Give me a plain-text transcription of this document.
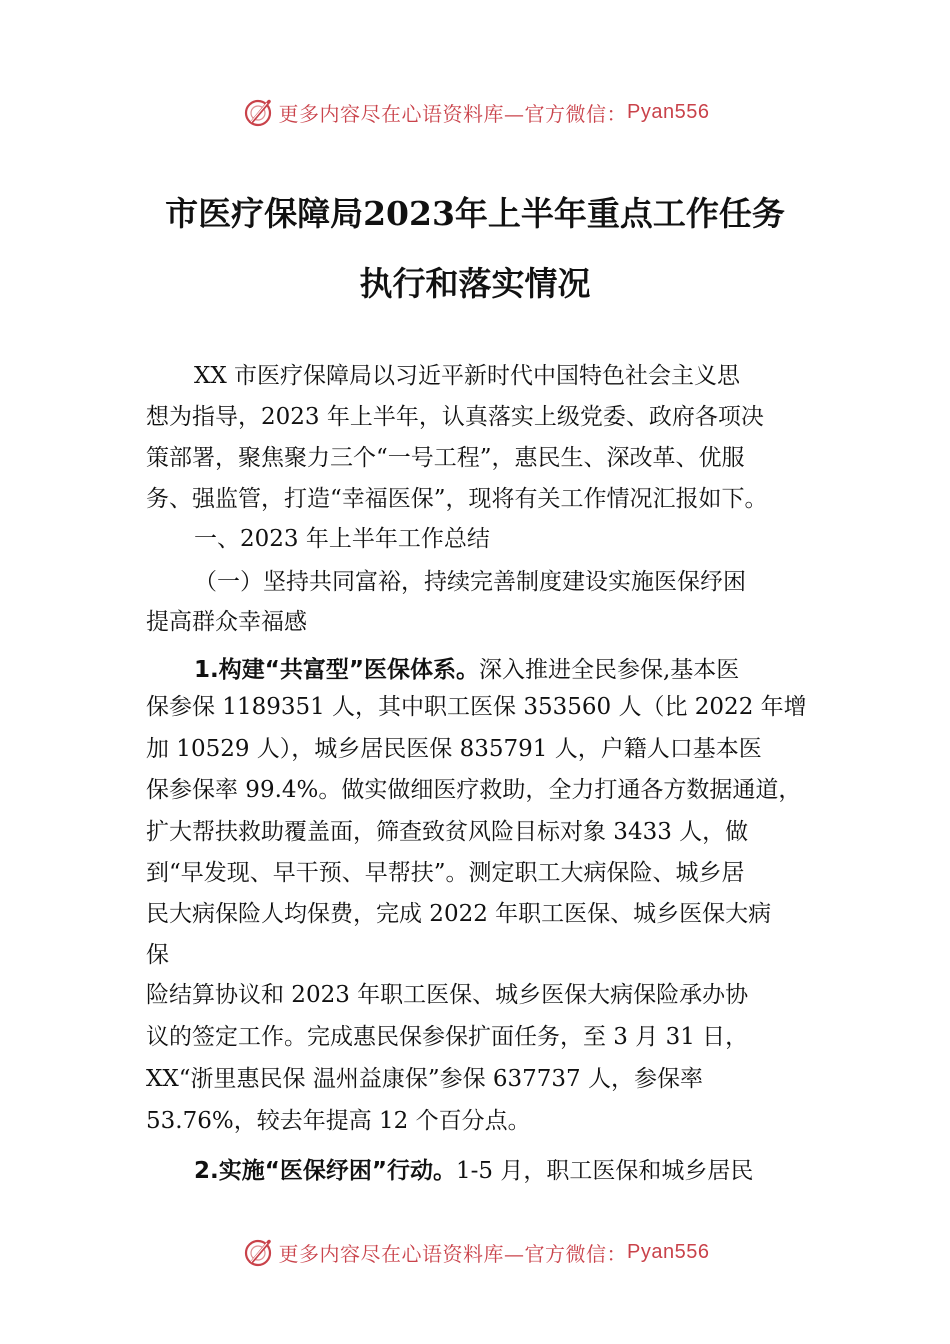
更多内容尽在心语资料库—官方微信： Pyan556
市医疗保障局2023年上半年重点工作任务
执行和落实情况
XX 市医疗保障局以习近平新时代中国特色社会主义思
想为指导，2023 年上半年，认真落实上级党委、政府各项决
策部署，聚焦聚力三个“一号工程”，惠民生、深改革、优服
务、强监管，打造“幸福医保”，现将有关工作情况汇报如下。
一、2023 年上半年工作总结
（一）坚持共同富裕，持续完善制度建设实施医保纾困
提高群众幸福感
1.构建“共富型”医保体系。深入推进全民参保,基本医
保参保 1189351 人，其中职工医保 353560 人（比 2022 年增
加 10529 人），城乡居民医保 835791 人，户籍人口基本医
保参保率 99.4%。做实做细医疗救助，全力打通各方数据通道，
扩大帮扶救助覆盖面，筛查致贫风险目标对象 3433 人，做
到“早发现、早干预、早帮扶”。测定职工大病保险、城乡居
民大病保险人均保费，完成 2022 年职工医保、城乡医保大病
保
险结算协议和 2023 年职工医保、城乡医保大病保险承办协
议的签定工作。完成惠民保参保扩面任务，至 3 月 31 日，
XX“浙里惠民保 温州益康保”参保 637737 人，参保率
53.76%，较去年提高 12 个百分点。
2.实施“医保纾困”行动。1-5 月，职工医保和城乡居民
更多内容尽在心语资料库—官方微信： Pyan556
